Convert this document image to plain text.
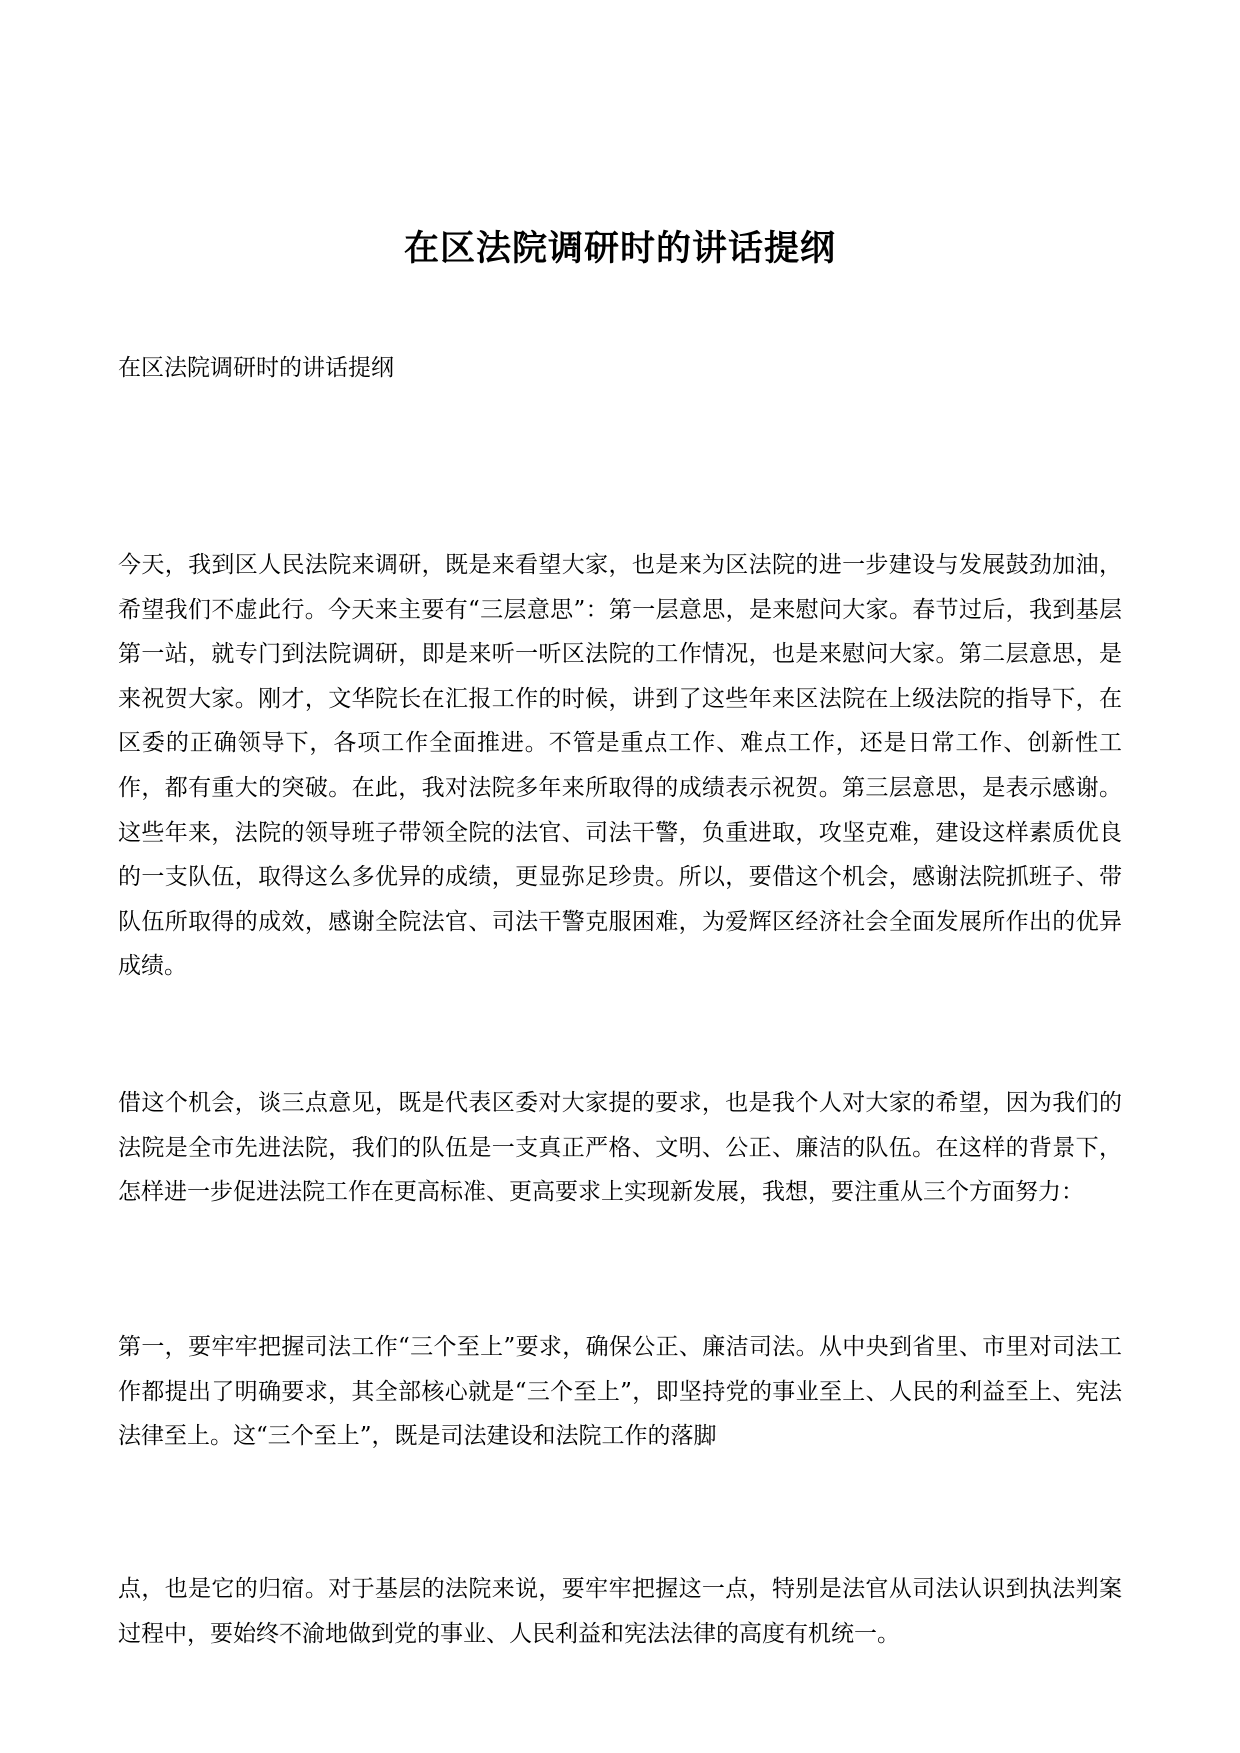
在区法院调研时的讲话提纲

在区法院调研时的讲话提纲

今天，我到区人民法院来调研，既是来看望大家，也是来为区法院的进一步建设与发展鼓劲加油，希望我们不虚此行。今天来主要有“三层意思”：第一层意思，是来慰问大家。春节过后，我到基层第一站，就专门到法院调研，即是来听一听区法院的工作情况，也是来慰问大家。第二层意思，是来祝贺大家。刚才，文华院长在汇报工作的时候，讲到了这些年来区法院在上级法院的指导下，在区委的正确领导下，各项工作全面推进。不管是重点工作、难点工作，还是日常工作、创新性工作，都有重大的突破。在此，我对法院多年来所取得的成绩表示祝贺。第三层意思，是表示感谢。这些年来，法院的领导班子带领全院的法官、司法干警，负重进取，攻坚克难，建设这样素质优良的一支队伍，取得这么多优异的成绩，更显弥足珍贵。所以，要借这个机会，感谢法院抓班子、带队伍所取得的成效，感谢全院法官、司法干警克服困难，为爱辉区经济社会全面发展所作出的优异成绩。

借这个机会，谈三点意见，既是代表区委对大家提的要求，也是我个人对大家的希望，因为我们的法院是全市先进法院，我们的队伍是一支真正严格、文明、公正、廉洁的队伍。在这样的背景下，怎样进一步促进法院工作在更高标准、更高要求上实现新发展，我想，要注重从三个方面努力：

第一，要牢牢把握司法工作“三个至上”要求，确保公正、廉洁司法。从中央到省里、市里对司法工作都提出了明确要求，其全部核心就是“三个至上”，即坚持党的事业至上、人民的利益至上、宪法法律至上。这“三个至上”，既是司法建设和法院工作的落脚

点，也是它的归宿。对于基层的法院来说，要牢牢把握这一点，特别是法官从司法认识到执法判案过程中，要始终不渝地做到党的事业、人民利益和宪法法律的高度有机统一。
